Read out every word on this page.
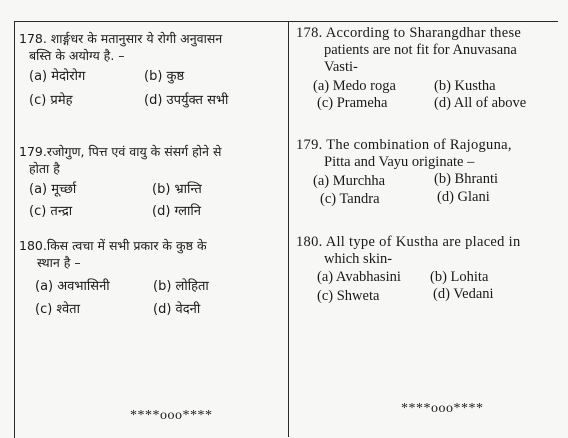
178. शार्ङ्गधर के मतानुसार ये रोगी अनुवासन
बस्ति के अयोग्य है. –
(a) मेदोरोग	(b) कुष्ठ
(c) प्रमेह	(d) उपर्युक्त सभी
179.रजोगुण, पित्त एवं वायु के संसर्ग होने से
होता है
(a) मूर्च्छा	(b) भ्रान्ति
(c) तन्द्रा	(d) ग्लानि
180.किस त्वचा में सभी प्रकार के कुष्ठ के
स्थान है –
(a) अवभासिनी	(b) लोहिता
(c) श्वेता	(d) वेदनी
****ooo****
178. According to Sharangdhar these
patients are not fit for Anuvasana
Vasti-
(a) Medo roga	(b) Kustha
(c) Prameha	(d) All of above
179. The combination of Rajoguna,
Pitta and Vayu originate –
(a) Murchha	(b) Bhranti
(c) Tandra	(d) Glani
180. All type of Kustha are placed in
which skin-
(a) Avabhasini (b) Lohita
(c) Shweta	(d) Vedani
****ooo****
